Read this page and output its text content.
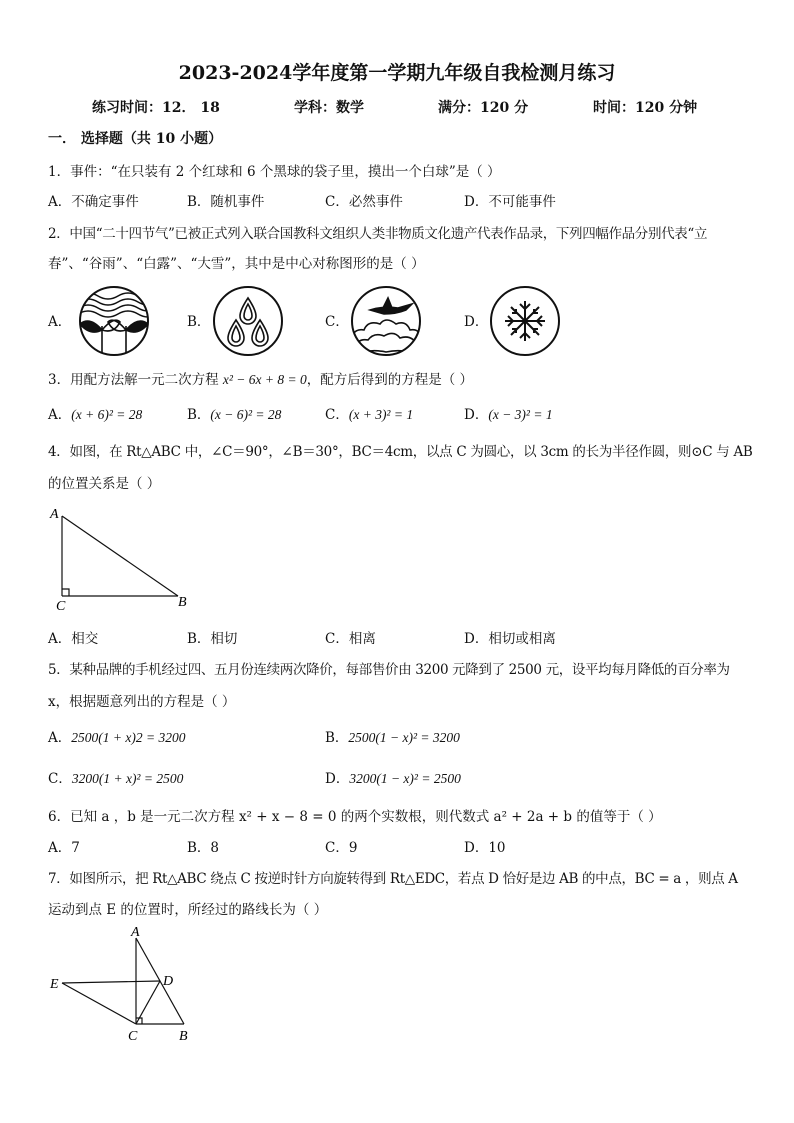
2023-2024学年度第一学期九年级自我检测月练习
练习时间：12． 18	学科：数学	满分：120 分	时间：120 分钟
一． 选择题（共 10 小题）
1．事件：“在只装有 2 个红球和 6 个黑球的袋子里，摸出一个白球”是（ ）
A．不确定事件	B．随机事件	C．必然事件	D．不可能事件
2．中国“二十四节气”已被正式列入联合国教科文组织人类非物质文化遗产代表作品录，下列四幅作品分别代表“立
春”、“谷雨”、“白露”、“大雪”，其中是中心对称图形的是（ ）
A．	B．	C．	D．
3．用配方法解一元二次方程 x² − 6x + 8 = 0，配方后得到的方程是（ ）
A．(x + 6)² = 28	B．(x − 6)² = 28	C．(x + 3)² = 1	D．(x − 3)² = 1
4．如图，在 Rt△ABC 中，∠C＝90°，∠B＝30°，BC＝4cm，以点 C 为圆心，以 3cm 的长为半径作圆，则⊙C 与 AB
的位置关系是（ ）
A
C	B
A．相交	B．相切	C．相离	D．相切或相离
5．某种品牌的手机经过四、五月份连续两次降价，每部售价由 3200 元降到了 2500 元，设平均每月降低的百分率为
x，根据题意列出的方程是（ ）
A．2500(1 + x)2 = 3200	B．2500(1 − x)² = 3200
C．3200(1 + x)² = 2500	D．3200(1 − x)² = 2500
6．已知 a ，b 是一元二次方程 x² + x − 8 = 0 的两个实数根，则代数式 a² + 2a + b 的值等于（ ）
A．7	B．8	C．9	D．10
7．如图所示，把 Rt△ABC 绕点 C 按逆时针方向旋转得到 Rt△EDC，若点 D 恰好是边 AB 的中点，BC = a ，则点 A
运动到点 E 的位置时，所经过的路线长为（ ）
A
D
E
C	B
